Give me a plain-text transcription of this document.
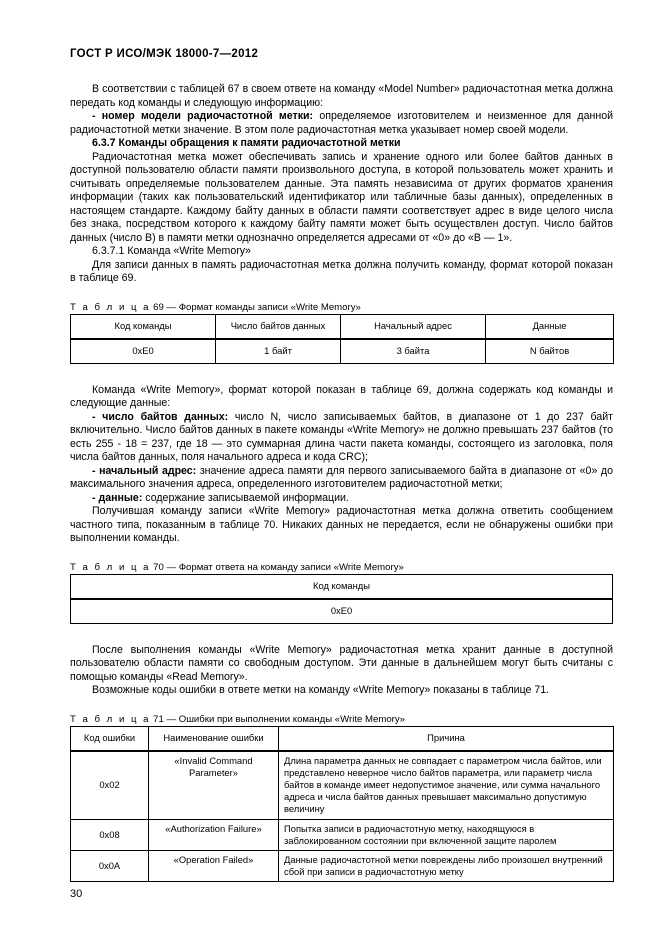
ГОСТ Р ИСО/МЭК 18000-7—2012

В соответствии с таблицей 67 в своем ответе на команду «Model Number» радиочастотная метка должна передать код команды и следующую информацию:

- номер модели радиочастотной метки: определяемое изготовителем и неизменное для данной радиочастотной метки значение. В этом поле радиочастотная метка указывает номер своей модели.

6.3.7 Команды обращения к памяти радиочастотной метки

Радиочастотная метка может обеспечивать запись и хранение одного или более байтов данных в доступной пользователю области памяти произвольного доступа, в которой пользователь может хранить и считывать определяемые пользователем данные. Эта память независима от других форматов хранения информации (таких как пользовательский идентификатор или табличные базы данных), определенных в настоящем стандарте. Каждому байту данных в области памяти соответствует адрес в виде целого числа без знака, посредством которого к каждому байту памяти может быть осуществлен доступ. Число байтов данных (число B) в памяти метки однозначно определяется адресами от «0» до «B — 1».

6.3.7.1 Команда «Write Memory»

Для записи данных в память радиочастотная метка должна получить команду, формат которой показан в таблице 69.

Т а б л и ц а 69 — Формат команды записи «Write Memory»

Код команды	Число байтов данных	Начальный адрес	Данные
0xE0	1 байт	3 байта	N байтов

Команда «Write Memory», формат которой показан в таблице 69, должна содержать код команды и следующие данные:

- число байтов данных: число N, число записываемых байтов, в диапазоне от 1 до 237 байт включительно. Число байтов данных в пакете команды «Write Memory» не должно превышать 237 байтов (то есть 255 - 18 = 237, где 18 — это суммарная длина части пакета команды, состоящего из заголовка, поля числа байтов данных, поля начального адреса и кода CRC);

- начальный адрес: значение адреса памяти для первого записываемого байта в диапазоне от «0» до максимального значения адреса, определенного изготовителем радиочастотной метки;

- данные: содержание записываемой информации.

Получившая команду записи «Write Memory» радиочастотная метка должна ответить сообщением частного типа, показанным в таблице 70. Никаких данных не передается, если не обнаружены ошибки при выполнении команды.

Т а б л и ц а 70 — Формат ответа на команду записи «Write Memory»

Код команды
0xE0

После выполнения команды «Write Memory» радиочастотная метка хранит данные в доступной пользователю области памяти со свободным доступом. Эти данные в дальнейшем могут быть считаны с помощью команды «Read Memory».

Возможные коды ошибки в ответе метки на команду «Write Memory» показаны в таблице 71.

Т а б л и ц а 71 — Ошибки при выполнении команды «Write Memory»

Код ошибки	Наименование ошибки	Причина
0x02	«Invalid Command Parameter»	Длина параметра данных не совпадает с параметром числа байтов, или представлено неверное число байтов параметра, или параметр числа байтов в команде имеет недопустимое значение, или сумма начального адреса и числа байтов данных превышает максимально допустимую величину
0x08	«Authorization Failure»	Попытка записи в радиочастотную метку, находящуюся в заблокированном состоянии при включенной защите паролем
0x0A	«Operation Failed»	Данные радиочастотной метки повреждены либо произошел внутренний сбой при записи в радиочастотную метку
30
